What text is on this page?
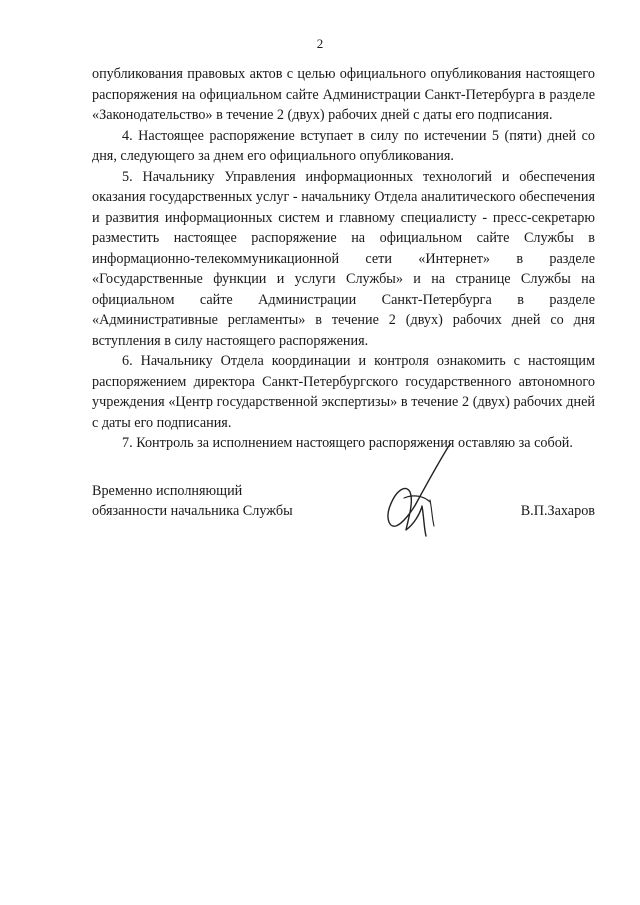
2

опубликования правовых актов с целью официального опубликования настоящего распоряжения на официальном сайте Администрации Санкт-Петербурга в разделе «Законодательство» в течение 2 (двух) рабочих дней с даты его подписания.

4. Настоящее распоряжение вступает в силу по истечении 5 (пяти) дней со дня, следующего за днем его официального опубликования.

5. Начальнику Управления информационных технологий и обеспечения оказания государственных услуг - начальнику Отдела аналитического обеспечения и развития информационных систем и главному специалисту - пресс-секретарю разместить настоящее распоряжение на официальном сайте Службы в информационно-телекоммуникационной сети «Интернет» в разделе «Государственные функции и услуги Службы» и на странице Службы на официальном сайте Администрации Санкт-Петербурга в разделе «Административные регламенты» в течение 2 (двух) рабочих дней со дня вступления в силу настоящего распоряжения.

6. Начальнику Отдела координации и контроля ознакомить с настоящим распоряжением директора Санкт-Петербургского государственного автономного учреждения «Центр государственной экспертизы» в течение 2 (двух) рабочих дней с даты его подписания.

7. Контроль за исполнением настоящего распоряжения оставляю за собой.

Временно исполняющий
обязанности начальника Службы	В.П.Захаров
